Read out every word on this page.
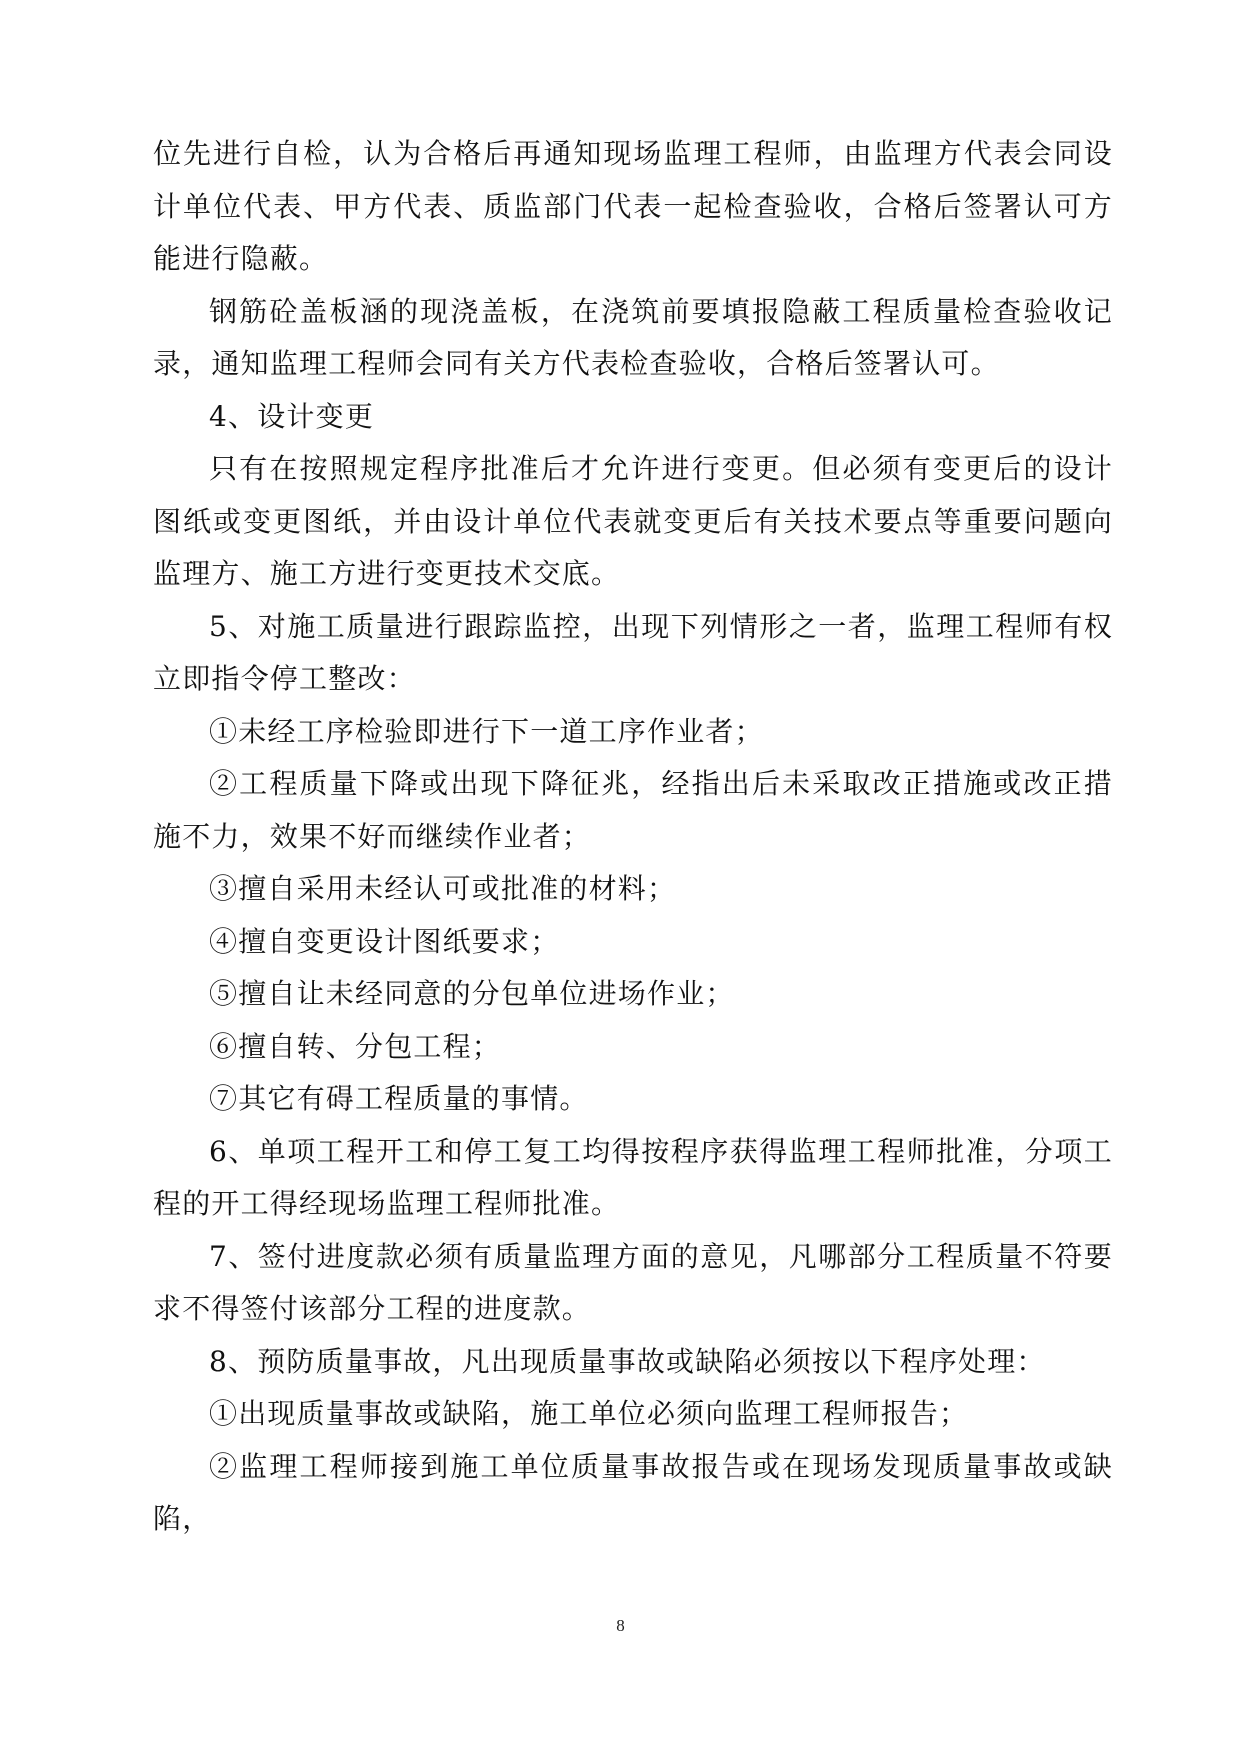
位先进行自检，认为合格后再通知现场监理工程师，由监理方代表会同设计单位代表、甲方代表、质监部门代表一起检查验收，合格后签署认可方能进行隐蔽。

钢筋砼盖板涵的现浇盖板，在浇筑前要填报隐蔽工程质量检查验收记录，通知监理工程师会同有关方代表检查验收，合格后签署认可。

4、设计变更

只有在按照规定程序批准后才允许进行变更。但必须有变更后的设计图纸或变更图纸，并由设计单位代表就变更后有关技术要点等重要问题向监理方、施工方进行变更技术交底。

5、对施工质量进行跟踪监控，出现下列情形之一者，监理工程师有权立即指令停工整改：

①未经工序检验即进行下一道工序作业者；

②工程质量下降或出现下降征兆，经指出后未采取改正措施或改正措施不力，效果不好而继续作业者；

③擅自采用未经认可或批准的材料；

④擅自变更设计图纸要求；

⑤擅自让未经同意的分包单位进场作业；

⑥擅自转、分包工程；

⑦其它有碍工程质量的事情。

6、单项工程开工和停工复工均得按程序获得监理工程师批准，分项工程的开工得经现场监理工程师批准。

7、签付进度款必须有质量监理方面的意见，凡哪部分工程质量不符要求不得签付该部分工程的进度款。

8、预防质量事故，凡出现质量事故或缺陷必须按以下程序处理：

①出现质量事故或缺陷，施工单位必须向监理工程师报告；

②监理工程师接到施工单位质量事故报告或在现场发现质量事故或缺陷，

8
